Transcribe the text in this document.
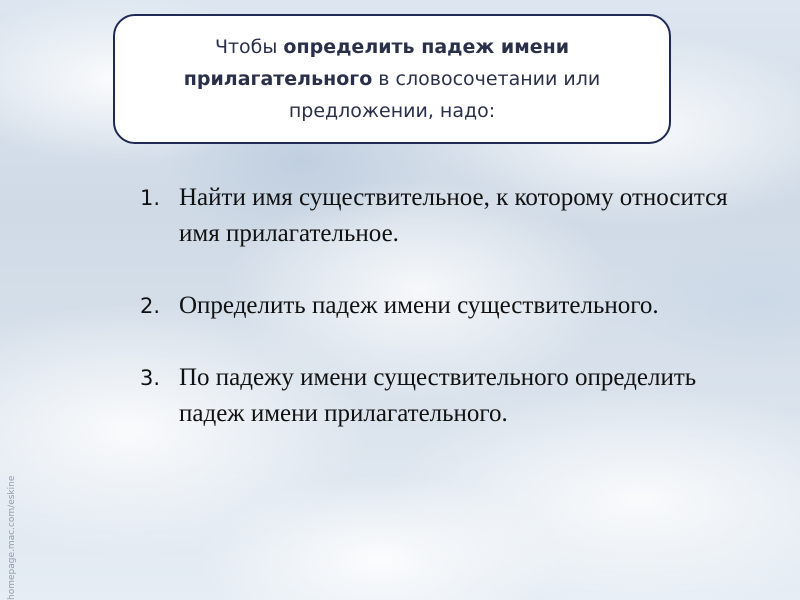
Чтобы определить падеж имени прилагательного в словосочетании или предложении, надо:
1. Найти имя существительное, к которому относится имя прилагательное.
2. Определить падеж имени существительного.
3. По падежу имени существительного определить падеж имени прилагательного.
homepage.mac.com/eskine
